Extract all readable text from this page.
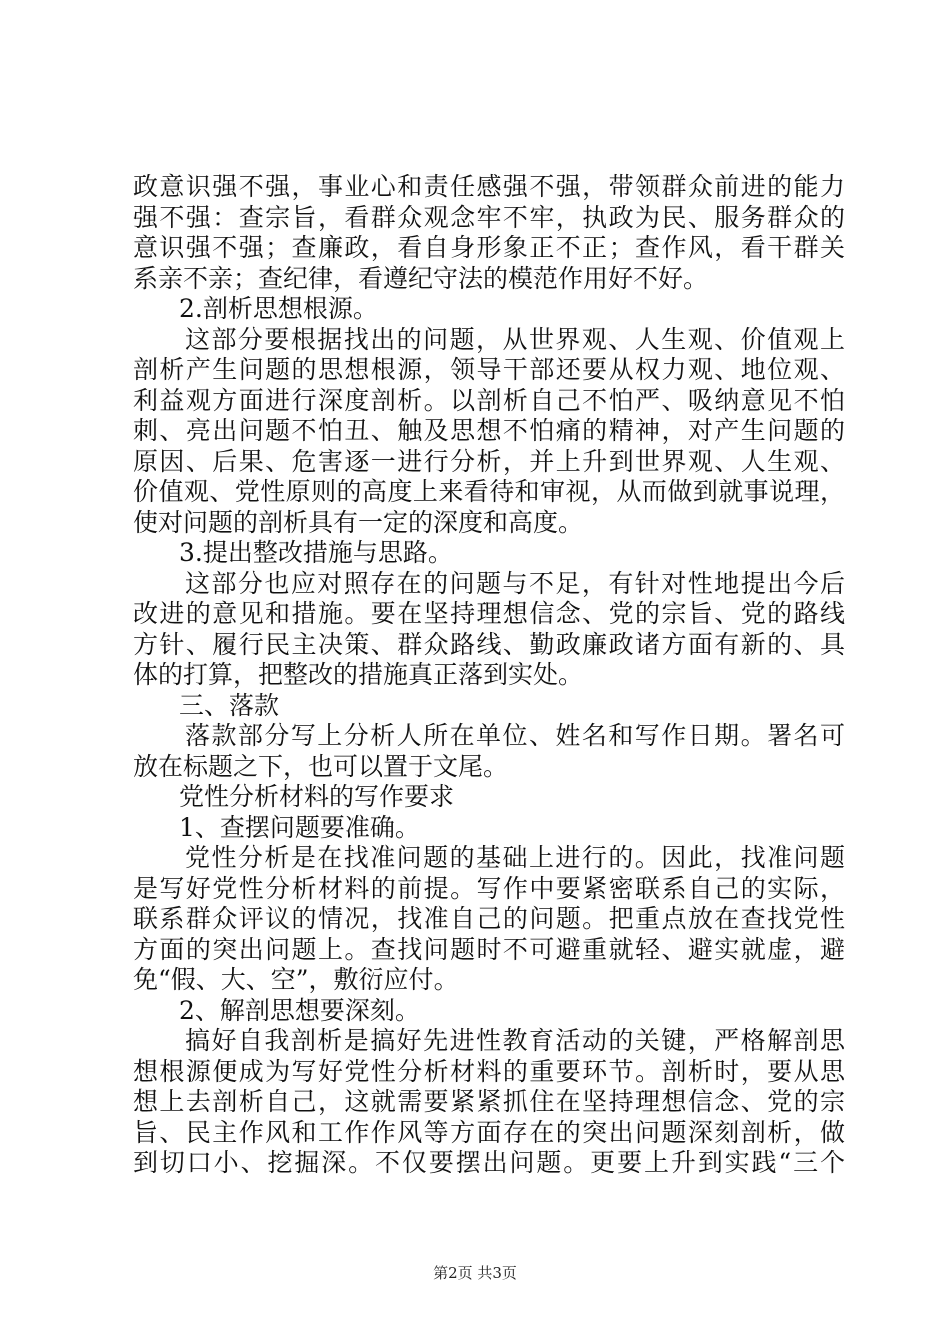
政意识强不强，事业心和责任感强不强，带领群众前进的能力
强不强：查宗旨，看群众观念牢不牢，执政为民、服务群众的
意识强不强；查廉政，看自身形象正不正；查作风，看干群关
系亲不亲；查纪律，看遵纪守法的模范作用好不好。
2.剖析思想根源。
这部分要根据找出的问题，从世界观、人生观、价值观上
剖析产生问题的思想根源，领导干部还要从权力观、地位观、
利益观方面进行深度剖析。以剖析自己不怕严、吸纳意见不怕
刺、亮出问题不怕丑、触及思想不怕痛的精神，对产生问题的
原因、后果、危害逐一进行分析，并上升到世界观、人生观、
价值观、党性原则的高度上来看待和审视，从而做到就事说理，
使对问题的剖析具有一定的深度和高度。
3.提出整改措施与思路。
这部分也应对照存在的问题与不足，有针对性地提出今后
改进的意见和措施。要在坚持理想信念、党的宗旨、党的路线
方针、履行民主决策、群众路线、勤政廉政诸方面有新的、具
体的打算，把整改的措施真正落到实处。
三、落款
落款部分写上分析人所在单位、姓名和写作日期。署名可
放在标题之下，也可以置于文尾。
党性分析材料的写作要求
1、查摆问题要准确。
党性分析是在找准问题的基础上进行的。因此，找准问题
是写好党性分析材料的前提。写作中要紧密联系自己的实际，
联系群众评议的情况，找准自己的问题。把重点放在查找党性
方面的突出问题上。查找问题时不可避重就轻、避实就虚，避
免“假、大、空”，敷衍应付。
2、解剖思想要深刻。
搞好自我剖析是搞好先进性教育活动的关键，严格解剖思
想根源便成为写好党性分析材料的重要环节。剖析时，要从思
想上去剖析自己，这就需要紧紧抓住在坚持理想信念、党的宗
旨、民主作风和工作作风等方面存在的突出问题深刻剖析，做
到切口小、挖掘深。不仅要摆出问题。更要上升到实践“三个
第2页 共3页
